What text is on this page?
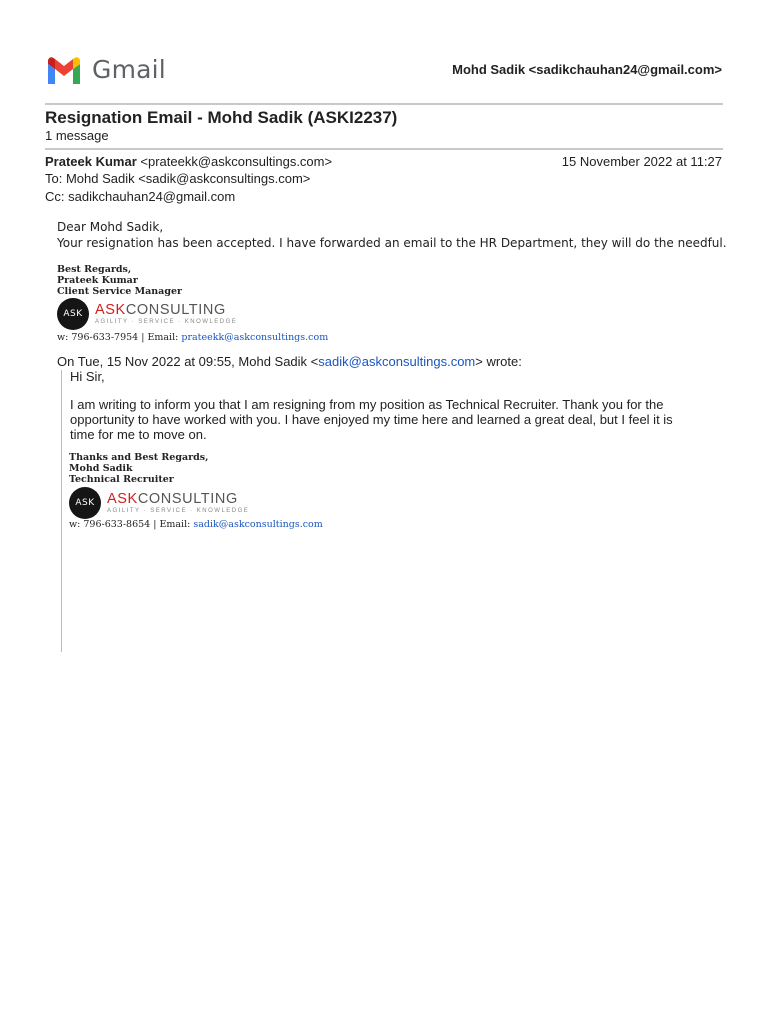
Gmail	Mohd Sadik <sadikchauhan24@gmail.com>
Resignation Email - Mohd Sadik (ASKI2237)
1 message
Prateek Kumar <prateekk@askconsultings.com>	15 November 2022 at 11:27
To: Mohd Sadik <sadik@askconsultings.com>
Cc: sadikchauhan24@gmail.com
Dear Mohd Sadik,
Your resignation has been accepted. I have forwarded an email to the HR Department, they will do the needful.
Best Regards,
Prateek Kumar
Client Service Manager
ASK ASKCONSULTING
AGILITY · SERVICE · KNOWLEDGE
w: 796-633-7954 | Email: prateekk@askconsultings.com
On Tue, 15 Nov 2022 at 09:55, Mohd Sadik <sadik@askconsultings.com> wrote:
Hi Sir,
I am writing to inform you that I am resigning from my position as Technical Recruiter. Thank you for the
opportunity to have worked with you. I have enjoyed my time here and learned a great deal, but I feel it is
time for me to move on.
Thanks and Best Regards,
Mohd Sadik
Technical Recruiter
ASK ASKCONSULTING
AGILITY · SERVICE · KNOWLEDGE
w: 796-633-8654 | Email: sadik@askconsultings.com
